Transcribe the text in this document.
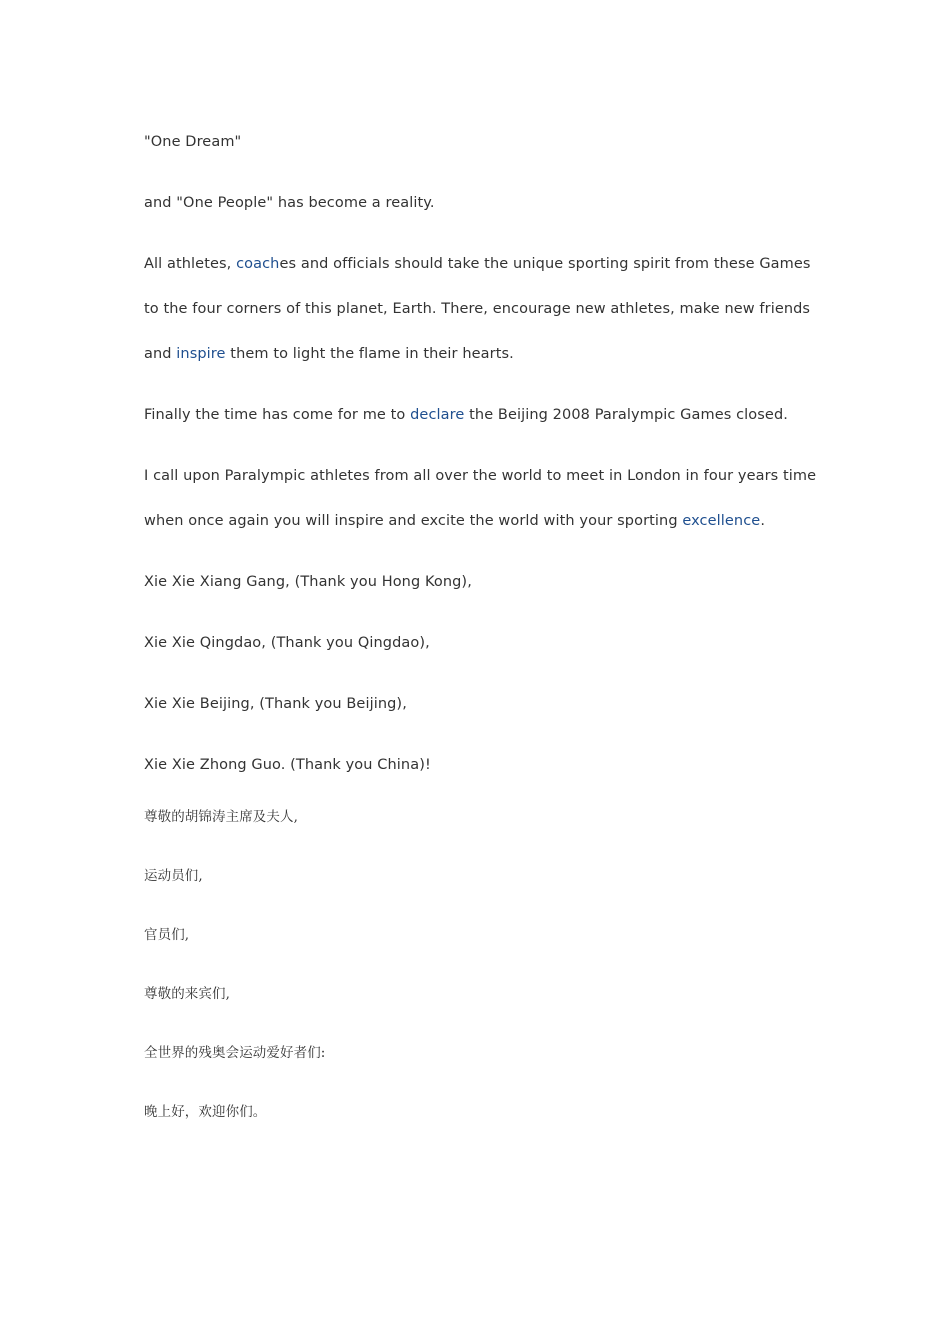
"One Dream"
and "One People" has become a reality.
All athletes, coaches and officials should take the unique sporting spirit from these Games
to the four corners of this planet, Earth. There, encourage new athletes, make new friends
and inspire them to light the flame in their hearts.
Finally the time has come for me to declare the Beijing 2008 Paralympic Games closed.
I call upon Paralympic athletes from all over the world to meet in London in four years time
when once again you will inspire and excite the world with your sporting excellence.
Xie Xie Xiang Gang, (Thank you Hong Kong),
Xie Xie Qingdao, (Thank you Qingdao),
Xie Xie Beijing, (Thank you Beijing),
Xie Xie Zhong Guo. (Thank you China)!
尊敬的胡锦涛主席及夫人,
运动员们,
官员们,
尊敬的来宾们,
全世界的残奥会运动爱好者们:
晚上好，欢迎你们。
